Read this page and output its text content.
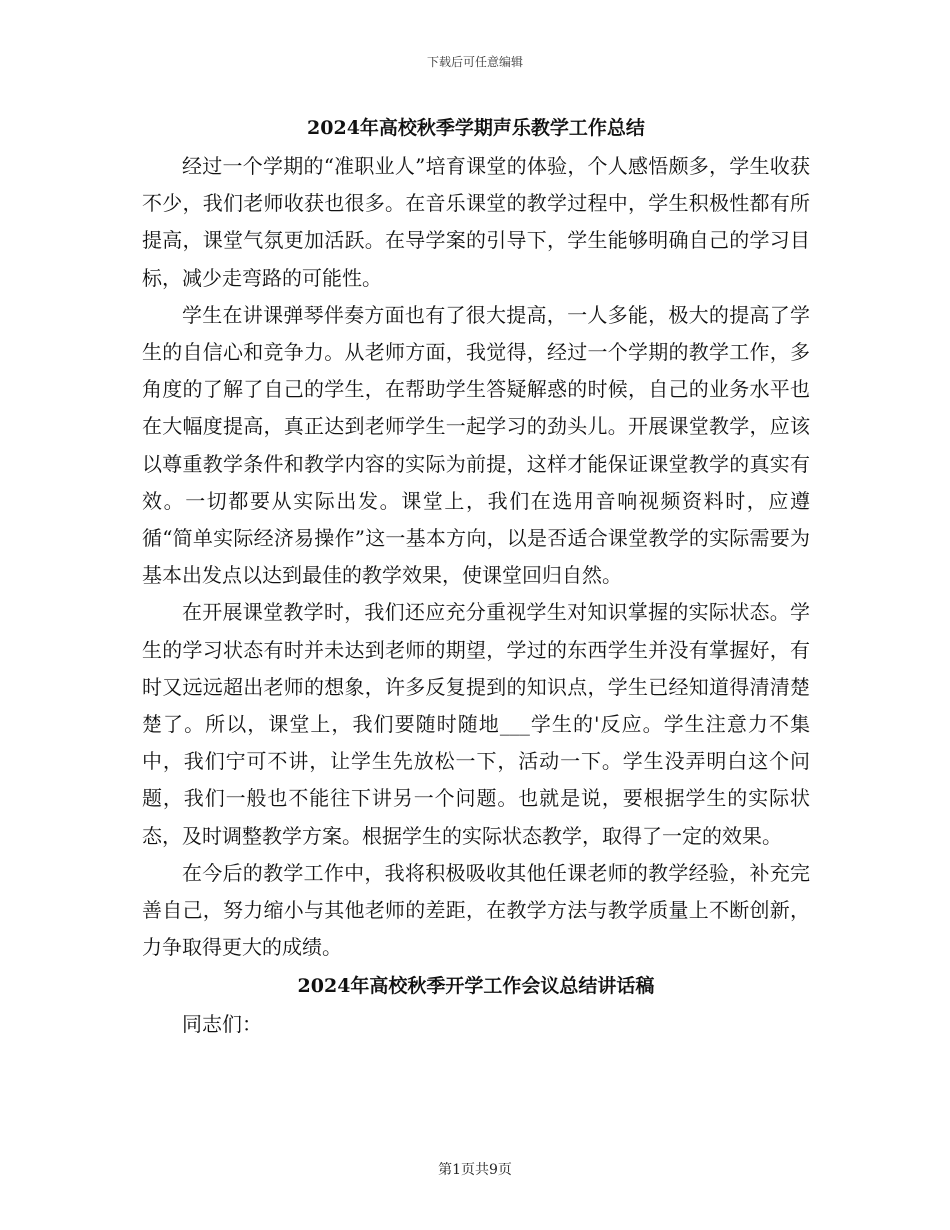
下载后可任意编辑
2024年高校秋季学期声乐教学工作总结

经过一个学期的“准职业人”培育课堂的体验，个人感悟颇多，学生收获不少，我们老师收获也很多。在音乐课堂的教学过程中，学生积极性都有所提高，课堂气氛更加活跃。在导学案的引导下，学生能够明确自己的学习目标，减少走弯路的可能性。

学生在讲课弹琴伴奏方面也有了很大提高，一人多能，极大的提高了学生的自信心和竞争力。从老师方面，我觉得，经过一个学期的教学工作，多角度的了解了自己的学生，在帮助学生答疑解惑的时候，自己的业务水平也在大幅度提高，真正达到老师学生一起学习的劲头儿。开展课堂教学，应该以尊重教学条件和教学内容的实际为前提，这样才能保证课堂教学的真实有效。一切都要从实际出发。课堂上，我们在选用音响视频资料时，应遵循“简单实际经济易操作”这一基本方向，以是否适合课堂教学的实际需要为基本出发点以达到最佳的教学效果，使课堂回归自然。

在开展课堂教学时，我们还应充分重视学生对知识掌握的实际状态。学生的学习状态有时并未达到老师的期望，学过的东西学生并没有掌握好，有时又远远超出老师的想象，许多反复提到的知识点，学生已经知道得清清楚楚了。所以，课堂上，我们要随时随地___学生的'反应。学生注意力不集中，我们宁可不讲，让学生先放松一下，活动一下。学生没弄明白这个问题，我们一般也不能往下讲另一个问题。也就是说，要根据学生的实际状态，及时调整教学方案。根据学生的实际状态教学，取得了一定的效果。

在今后的教学工作中，我将积极吸收其他任课老师的教学经验，补充完善自己，努力缩小与其他老师的差距，在教学方法与教学质量上不断创新，力争取得更大的成绩。

2024年高校秋季开学工作会议总结讲话稿

同志们：

第1页共9页
